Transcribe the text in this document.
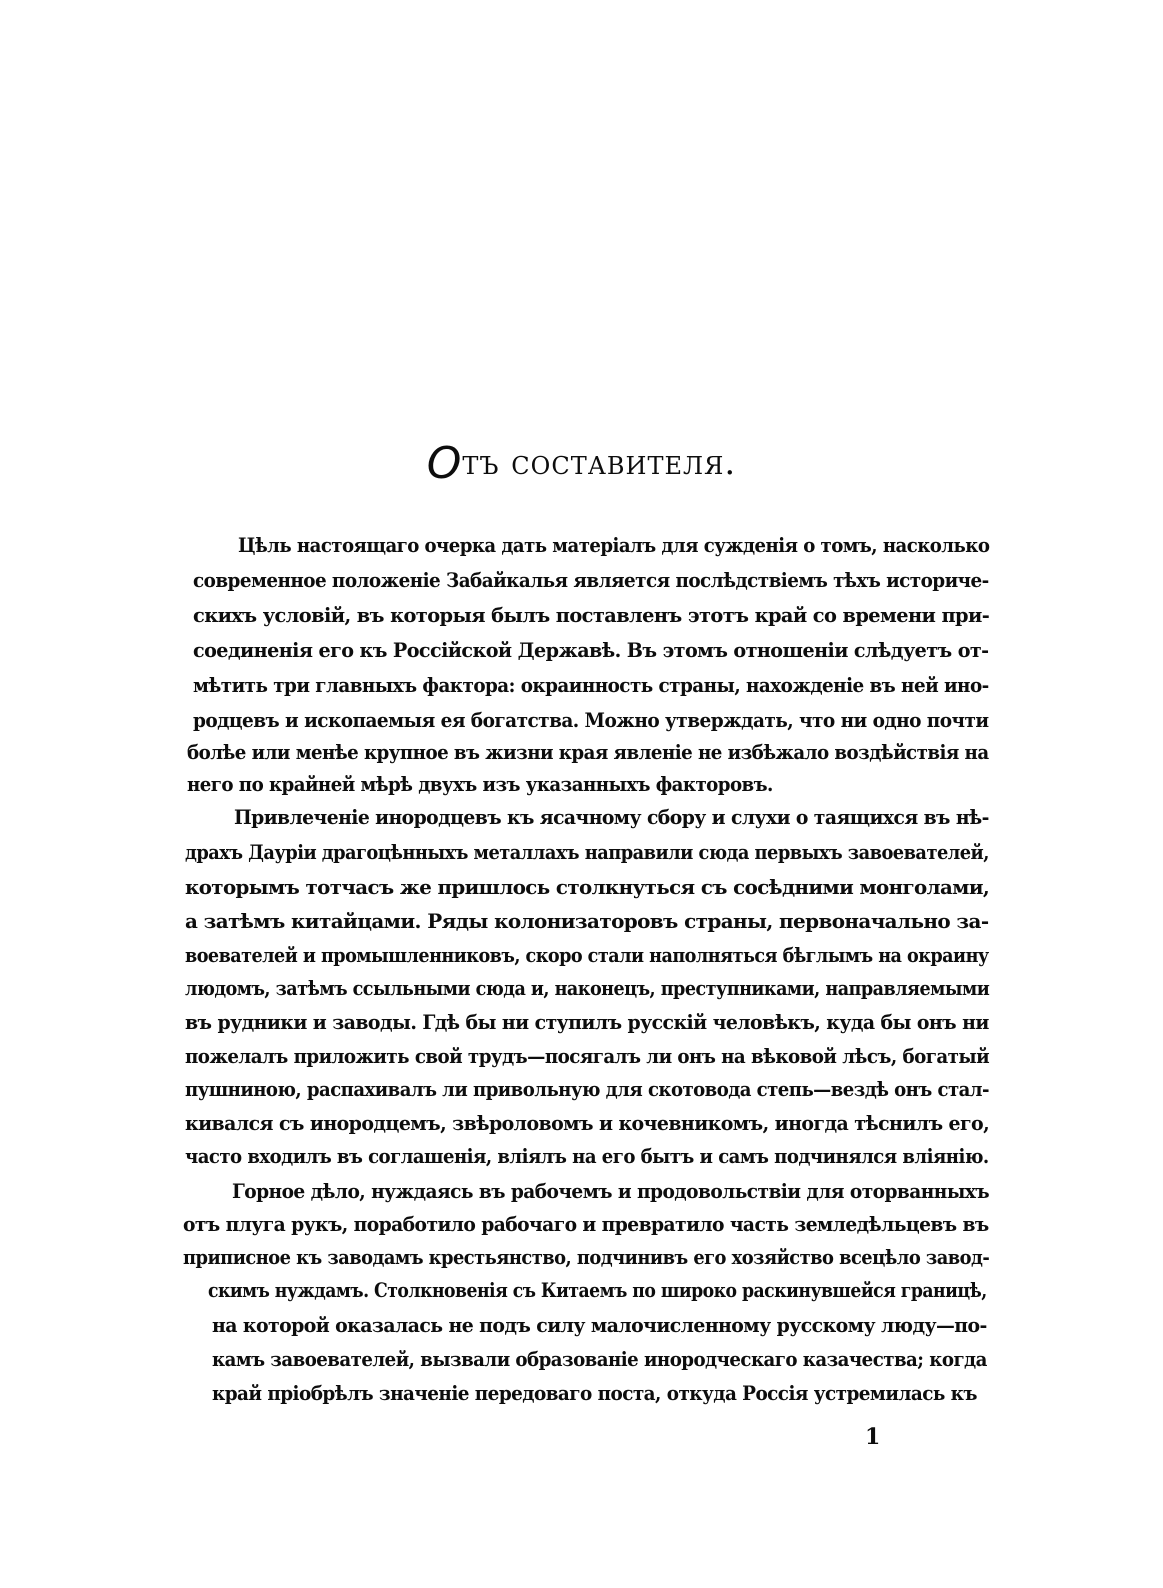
Отъ составителя.
Цѣль настоящаго очерка дать матеріалъ для сужденія о томъ, насколько
современное положеніе Забайкалья является послѣдствіемъ тѣхъ историче-
скихъ условій, въ которыя былъ поставленъ этотъ край со времени при-
соединенія его къ Россійской Державѣ. Въ этомъ отношеніи слѣдуетъ от-
мѣтить три главныхъ фактора: окраинность страны, нахожденіе въ ней ино-
родцевъ и ископаемыя ея богатства. Можно утверждать, что ни одно почти
болѣе или менѣе крупное въ жизни края явленіе не избѣжало воздѣйствія на
него по крайней мѣрѣ двухъ изъ указанныхъ факторовъ.
Привлеченіе инородцевъ къ ясачному сбору и слухи о таящихся въ нѣ-
драхъ Дауріи драгоцѣнныхъ металлахъ направили сюда первыхъ завоевателей,
которымъ тотчасъ же пришлось столкнуться съ сосѣдними монголами,
а затѣмъ китайцами. Ряды колонизаторовъ страны, первоначально за-
воевателей и промышленниковъ, скоро стали наполняться бѣглымъ на окраину
людомъ, затѣмъ ссыльными сюда и, наконецъ, преступниками, направляемыми
въ рудники и заводы. Гдѣ бы ни ступилъ русскій человѣкъ, куда бы онъ ни
пожелалъ приложить свой трудъ—посягалъ ли онъ на вѣковой лѣсъ, богатый
пушниною, распахивалъ ли привольную для скотовода степь—вездѣ онъ стал-
кивался съ инородцемъ, звѣроловомъ и кочевникомъ, иногда тѣснилъ его,
часто входилъ въ соглашенія, вліялъ на его бытъ и самъ подчинялся вліянію.
Горное дѣло, нуждаясь въ рабочемъ и продовольствіи для оторванныхъ
отъ плуга рукъ, поработило рабочаго и превратило часть земледѣльцевъ въ
приписное къ заводамъ крестьянство, подчинивъ его хозяйство всецѣло завод-
скимъ нуждамъ. Столкновенія съ Китаемъ по широко раскинувшейся границѣ,
на которой оказалась не подъ силу малочисленному русскому люду—по-
камъ завоевателей, вызвали образованіе инородческаго казачества; когда
край пріобрѣлъ значеніе передоваго поста, откуда Россія устремилась къ
1
